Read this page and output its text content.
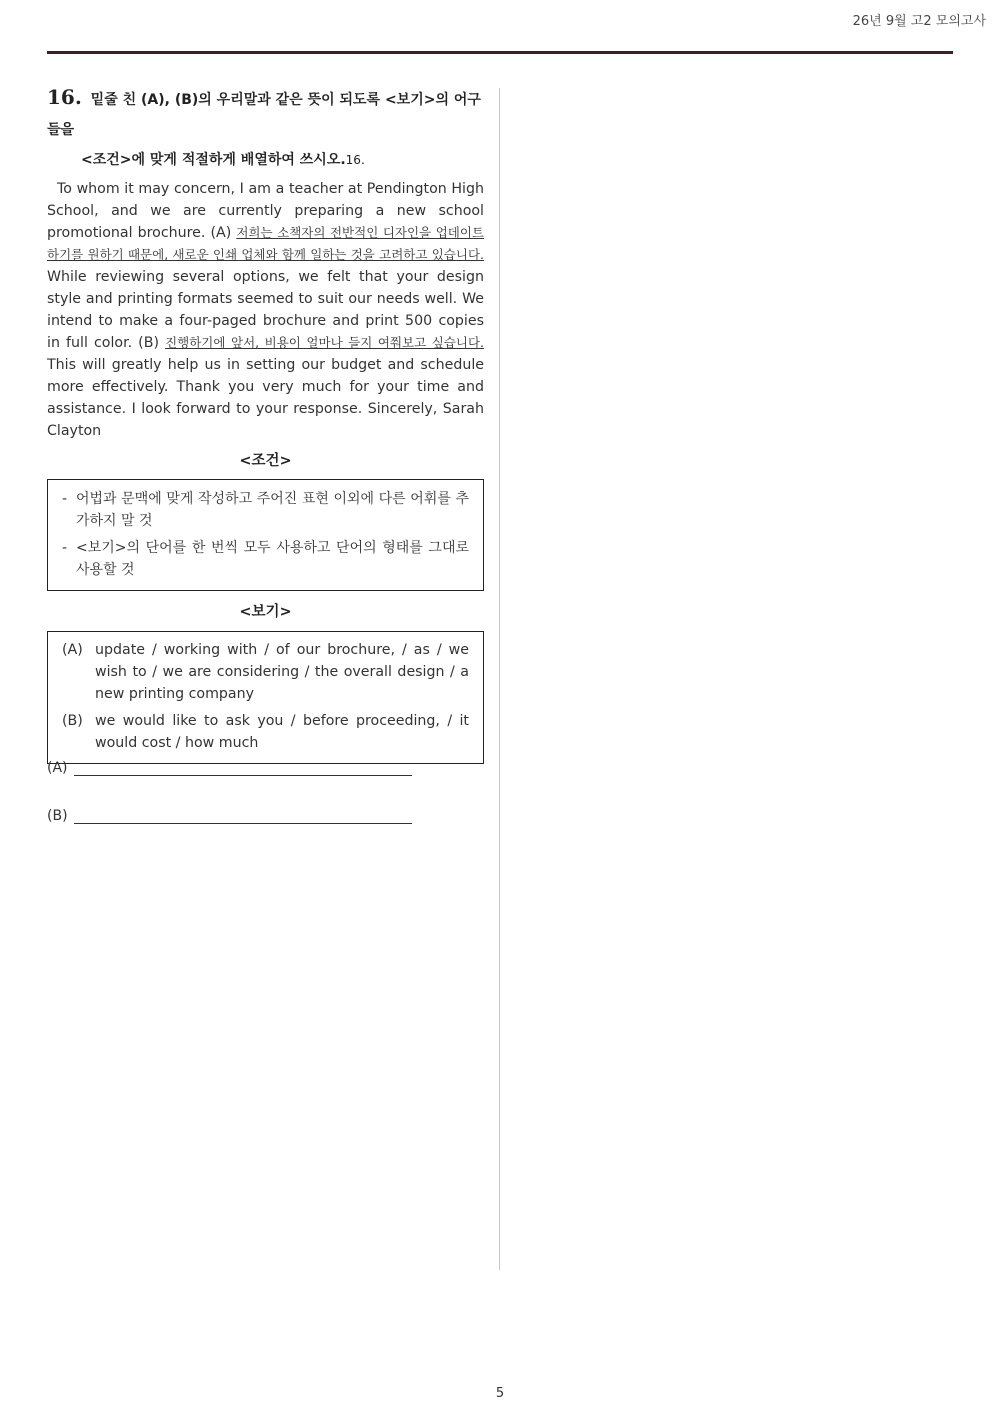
26년 9월 고2 모의고사
16. 밑줄 친 (A), (B)의 우리말과 같은 뜻이 되도록 <보기>의 어구들을
<조건>에 맞게 적절하게 배열하여 쓰시오.16.
To whom it may concern, I am a teacher at Pendington High School, and we are currently preparing a new school promotional brochure. (A) 저희는 소책자의 전반적인 디자인을 업데이트하기를 원하기 때문에, 새로운 인쇄 업체와 함께 일하는 것을 고려하고 있습니다. While reviewing several options, we felt that your design style and printing formats seemed to suit our needs well. We intend to make a four-paged brochure and print 500 copies in full color. (B) 진행하기에 앞서, 비용이 얼마나 들지 여쭤보고 싶습니다. This will greatly help us in setting our budget and schedule more effectively. Thank you very much for your time and assistance. I look forward to your response. Sincerely, Sarah Clayton
<조건>
- 어법과 문맥에 맞게 작성하고 주어진 표현 이외에 다른 어휘를 추가하지 말 것
- <보기>의 단어를 한 번씩 모두 사용하고 단어의 형태를 그대로 사용할 것
<보기>
(A) update / working with / of our brochure, / as / we wish to / we are considering / the overall design / a new printing company
(B) we would like to ask you / before proceeding, / it would cost / how much
(A)
(B)
5
